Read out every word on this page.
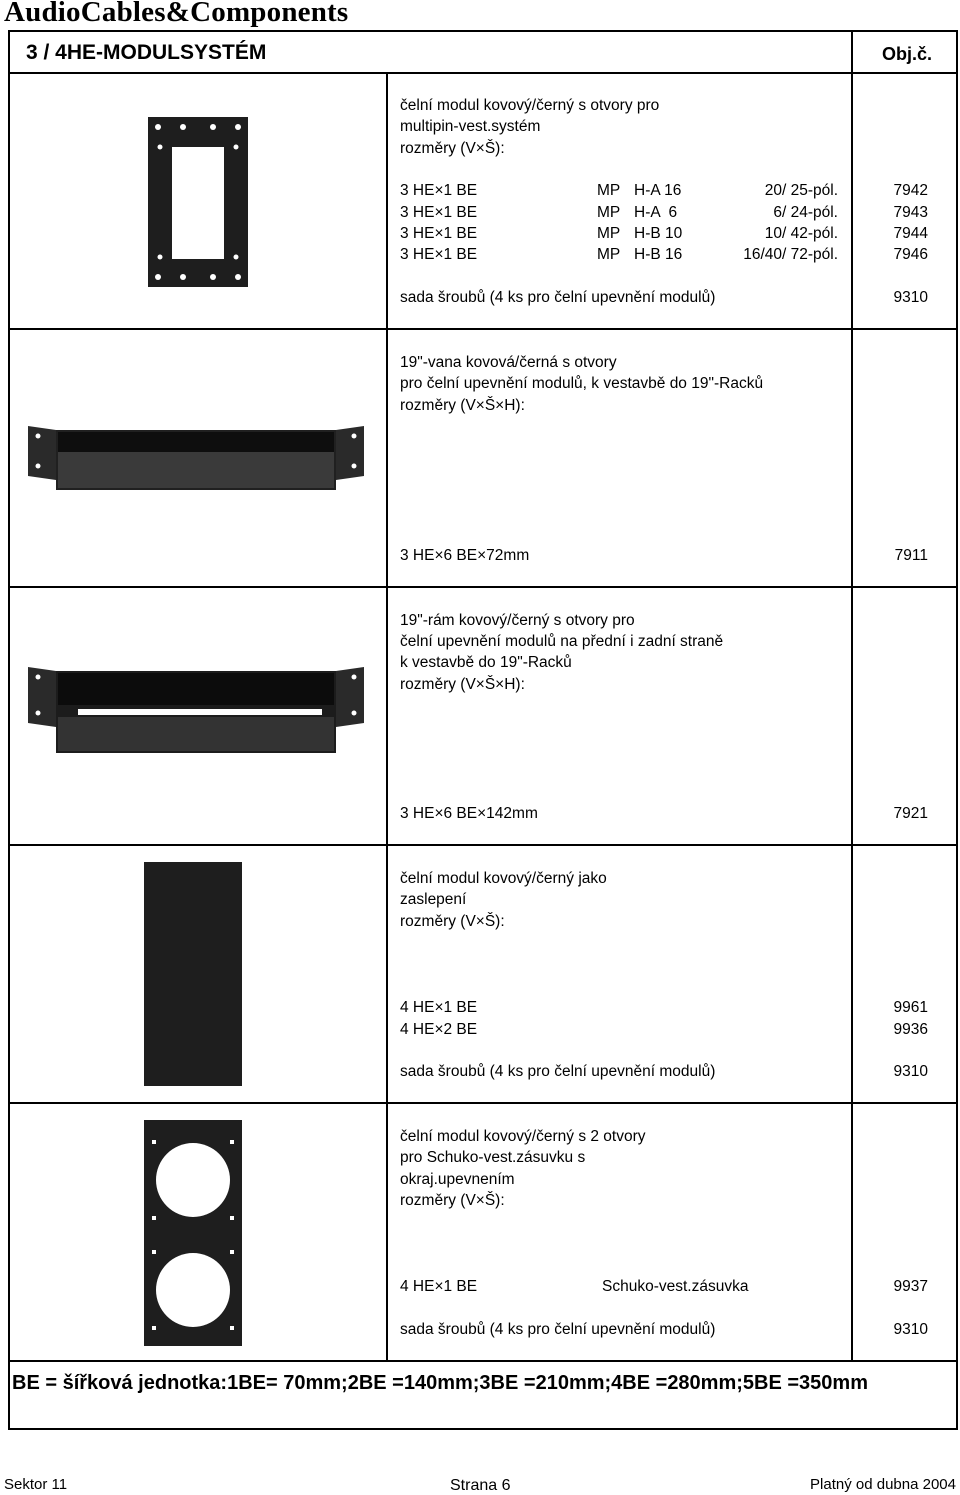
AudioCables&Components
3 / 4HE-MODULSYSTÉM	Obj.č.
čelní modul kovový/černý s otvory pro
multipin-vest.systém
rozměry (V×Š):
3 HE×1 BE	MP H-A 16	20/ 25-pól.	7942
3 HE×1 BE	MP H-A  6	6/ 24-pól.	7943
3 HE×1 BE	MP H-B 10	10/ 42-pól.	7944
3 HE×1 BE	MP H-B 16	16/40/ 72-pól.	7946
sada šroubů (4 ks pro čelní upevnění modulů)	9310
19"-vana kovová/černá s otvory
pro čelní upevnění modulů, k vestavbě do 19"-Racků
rozměry (V×Š×H):
3 HE×6 BE×72mm	7911
19"-rám kovový/černý s otvory pro
čelní upevnění modulů na přední i zadní straně
k vestavbě do 19"-Racků
rozměry (V×Š×H):
3 HE×6 BE×142mm	7921
čelní modul kovový/černý jako
zaslepení
rozměry (V×Š):
4 HE×1 BE	9961
4 HE×2 BE	9936
sada šroubů (4 ks pro čelní upevnění modulů)	9310
čelní modul kovový/černý s 2 otvory
pro Schuko-vest.zásuvku s
okraj.upevnením
rozměry (V×Š):
4 HE×1 BE	Schuko-vest.zásuvka	9937
sada šroubů (4 ks pro čelní upevnění modulů)	9310
BE = šířková jednotka:1BE= 70mm;2BE =140mm;3BE =210mm;4BE =280mm;5BE =350mm
Sektor 11	Strana 6	Platný od dubna 2004
